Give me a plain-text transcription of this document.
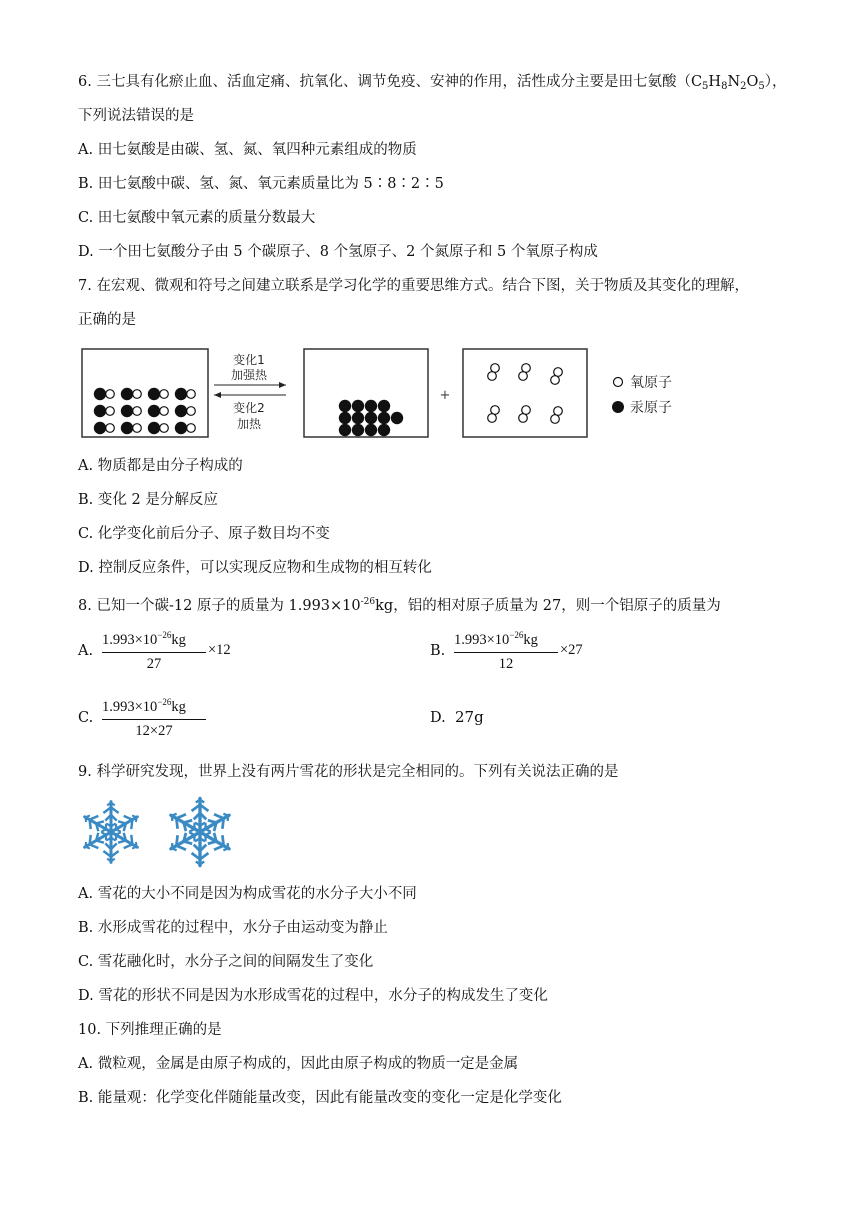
6. 三七具有化瘀止血、活血定痛、抗氧化、调节免疫、安神的作用，活性成分主要是田七氨酸$(C_5H_8N_2O_5)$，
下列说法错误的是
A. 田七氨酸是由碳、氢、氮、氧四种元素组成的物质
B. 田七氨酸中碳、氢、氮、氧元素质量比为 5∶8∶2∶5
C. 田七氨酸中氧元素的质量分数最大
D. 一个田七氨酸分子由 5 个碳原子、8 个氢原子、2 个氮原子和 5 个氧原子构成
7. 在宏观、微观和符号之间建立联系是学习化学的重要思维方式。结合下图，关于物质及其变化的理解，
正确的是
变化1
加强热
变化2
加热
+
氧原子
汞原子
A. 物质都是由分子构成的
B. 变化 2 是分解反应
C. 化学变化前后分子、原子数目均不变
D. 控制反应条件，可以实现反应物和生成物的相互转化
8. 已知一个碳-12 原子的质量为 $1.993\times 10^{-26}kg$，铝的相对原子质量为 27，则一个铝原子的质量为
A.
$1.993\times 10^{-26}kg$
27
×12	B.
$1.993\times 10^{-26}kg$
12
×27
C.
$1.993\times 10^{-26}kg$
12×27
D. 27g
9. 科学研究发现，世界上没有两片雪花的形状是完全相同的。下列有关说法正确的是
A. 雪花的大小不同是因为构成雪花的水分子大小不同
B. 水形成雪花的过程中，水分子由运动变为静止
C. 雪花融化时，水分子之间的间隔发生了变化
D. 雪花的形状不同是因为水形成雪花的过程中，水分子的构成发生了变化
10. 下列推理正确的是
A. 微粒观，金属是由原子构成的，因此由原子构成的物质一定是金属
B. 能量观：化学变化伴随能量改变，因此有能量改变的变化一定是化学变化
